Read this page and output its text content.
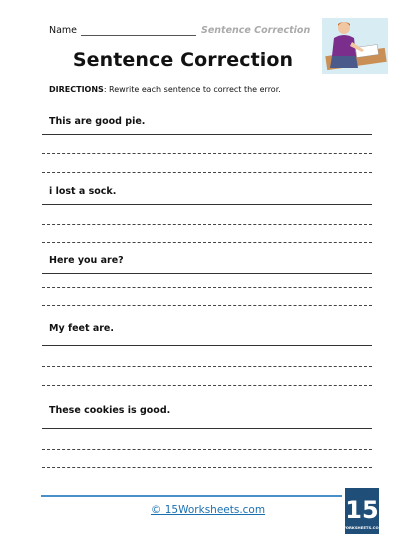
Name	Sentence Correction
Sentence Correction
DIRECTIONS: Rewrite each sentence to correct the error.
This are good pie.
i lost a sock.
Here you are?
My feet are.
These cookies is good.
© 15Worksheets.com	15
WORKSHEETS.COM
